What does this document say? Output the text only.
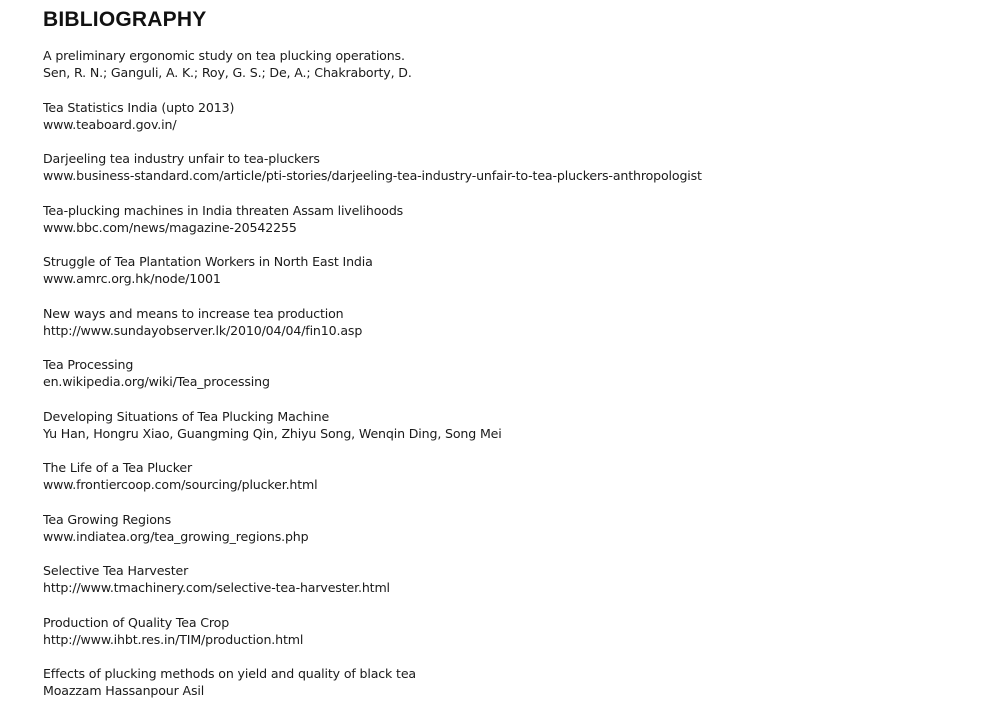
BIBLIOGRAPHY
A preliminary ergonomic study on tea plucking operations.
Sen, R. N.; Ganguli, A. K.; Roy, G. S.; De, A.; Chakraborty, D.
Tea Statistics India (upto 2013)
www.teaboard.gov.in/
Darjeeling tea industry unfair to tea-pluckers
www.business-standard.com/article/pti-stories/darjeeling-tea-industry-unfair-to-tea-pluckers-anthropologist
Tea-plucking machines in India threaten Assam livelihoods
www.bbc.com/news/magazine-20542255
Struggle of Tea Plantation Workers in North East India
www.amrc.org.hk/node/1001
New ways and means to increase tea production
http://www.sundayobserver.lk/2010/04/04/fin10.asp
Tea Processing
en.wikipedia.org/wiki/Tea_processing
Developing Situations of Tea Plucking Machine
Yu Han, Hongru Xiao, Guangming Qin, Zhiyu Song, Wenqin Ding, Song Mei
The Life of a Tea Plucker
www.frontiercoop.com/sourcing/plucker.html
Tea Growing Regions
www.indiatea.org/tea_growing_regions.php
Selective Tea Harvester
http://www.tmachinery.com/selective-tea-harvester.html
Production of Quality Tea Crop
http://www.ihbt.res.in/TIM/production.html
Effects of plucking methods on yield and quality of black tea
Moazzam Hassanpour Asil
